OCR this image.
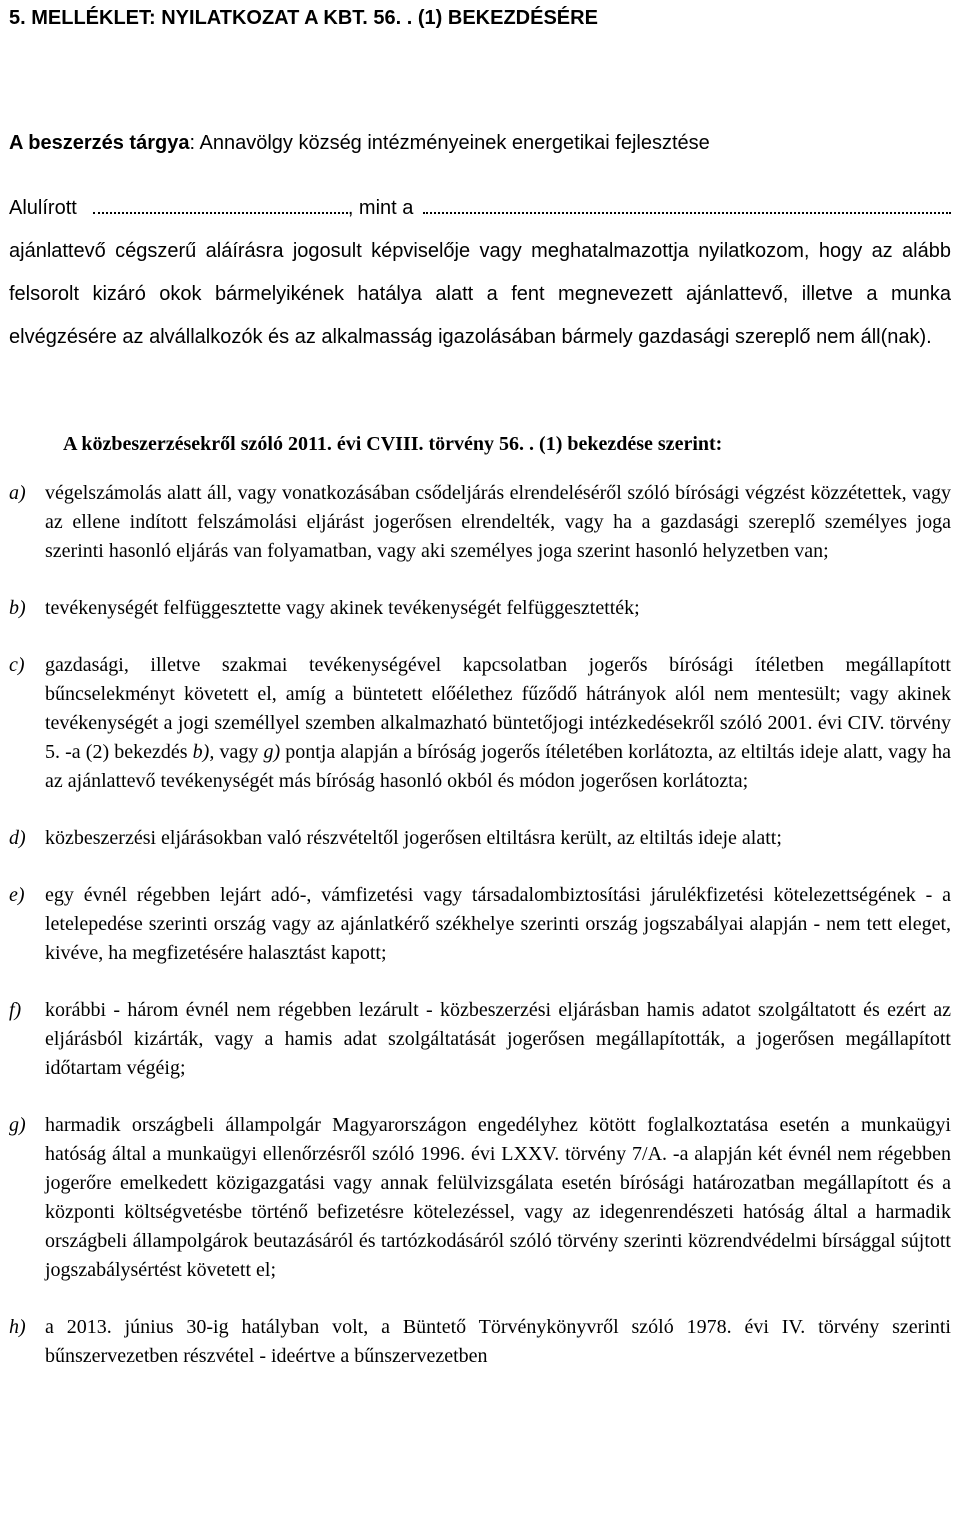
5. MELLÉKLET: NYILATKOZAT A KBT. 56. . (1) BEKEZDÉSÉRE
A beszerzés tárgya: Annavölgy község intézményeinek energetikai fejlesztése
Alulírott	, mint a
ajánlattevő cégszerű aláírásra jogosult képviselője vagy meghatalmazottja nyilatkozom, hogy az alább felsorolt kizáró okok bármelyikének hatálya alatt a fent megnevezett ajánlattevő, illetve a munka elvégzésére az alvállalkozók és az alkalmasság igazolásában bármely gazdasági szereplő nem áll(nak).
A közbeszerzésekről szóló 2011. évi CVIII. törvény 56. . (1) bekezdése szerint:
a) végelszámolás alatt áll, vagy vonatkozásában csődeljárás elrendeléséről szóló bírósági végzést közzétettek, vagy az ellene indított felszámolási eljárást jogerősen elrendelték, vagy ha a gazdasági szereplő személyes joga szerinti hasonló eljárás van folyamatban, vagy aki személyes joga szerint hasonló helyzetben van;
b) tevékenységét felfüggesztette vagy akinek tevékenységét felfüggesztették;
c)	gazdasági, illetve szakmai tevékenységével kapcsolatban jogerős bírósági ítéletben megállapított bűncselekményt követett el, amíg a büntetett előélethez fűződő hátrányok alól nem mentesült; vagy akinek tevékenységét a jogi személlyel szemben alkalmazható büntetőjogi intézkedésekről szóló 2001. évi CIV. törvény 5. -a (2) bekezdés b), vagy g) pontja alapján a bíróság jogerős ítéletében korlátozta, az eltiltás ideje alatt, vagy ha az ajánlattevő tevékenységét más bíróság hasonló okból és módon jogerősen korlátozta;
d) közbeszerzési eljárásokban való részvételtől jogerősen eltiltásra került, az eltiltás ideje alatt;
e)	egy évnél régebben lejárt adó-, vámfizetési vagy társadalombiztosítási járulékfizetési kötelezettségének - a letelepedése szerinti ország vagy az ajánlatkérő székhelye szerinti ország jogszabályai alapján - nem tett eleget, kivéve, ha megfizetésére halasztást kapott;
f)	korábbi - három évnél nem régebben lezárult - közbeszerzési eljárásban hamis adatot szolgáltatott és ezért az eljárásból kizárták, vagy a hamis adat szolgáltatását jogerősen megállapították, a jogerősen megállapított időtartam végéig;
g) harmadik országbeli állampolgár Magyarországon engedélyhez kötött foglalkoztatása esetén a munkaügyi hatóság által a munkaügyi ellenőrzésről szóló 1996. évi LXXV. törvény 7/A. -a alapján két évnél nem régebben jogerőre emelkedett közigazgatási vagy annak felülvizsgálata esetén bírósági határozatban megállapított és a központi költségvetésbe történő befizetésre kötelezéssel, vagy az idegenrendészeti hatóság által a harmadik országbeli állampolgárok beutazásáról és tartózkodásáról szóló törvény szerinti közrendvédelmi bírsággal sújtott jogszabálysértést követett el;
h) a 2013. június 30-ig hatályban volt, a Büntető Törvénykönyvről szóló 1978. évi IV. törvény szerinti bűnszervezetben részvétel - ideértve a bűnszervezetben
